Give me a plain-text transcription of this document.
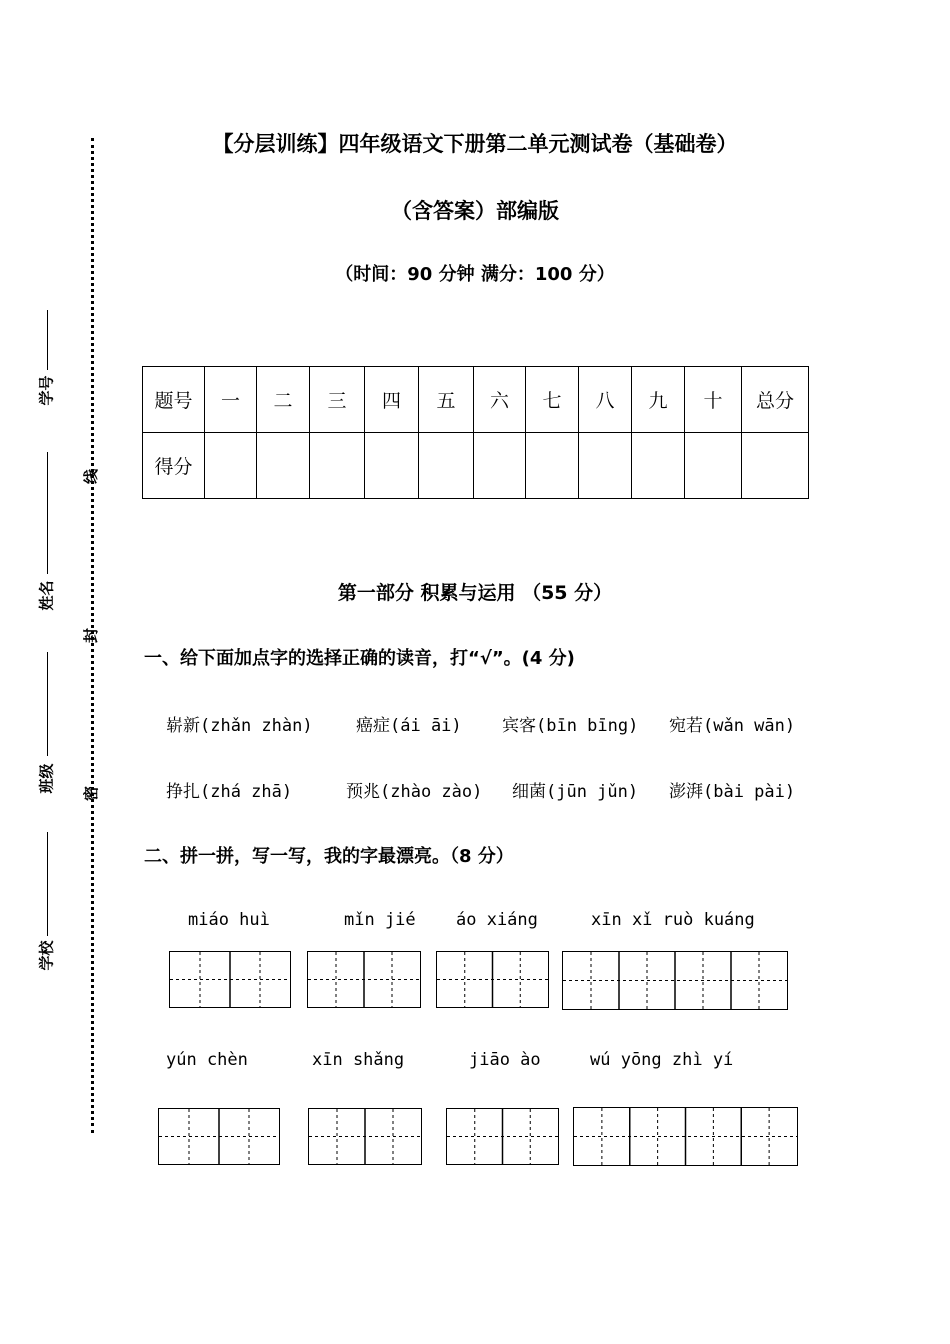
线
封
密
学号
姓名
班级
学校
【分层训练】四年级语文下册第二单元测试卷（基础卷）
（含答案）部编版
（时间：90 分钟 满分：100 分）
题号	一	二	三	四	五	六	七	八	九	十	总分
得分											
第一部分 积累与运用 （55 分）
一、给下面加点字的选择正确的读音，打“√”。(4 分)
崭新(zhǎn zhàn)	癌症(ái āi) 宾客(bīn bīng) 宛若(wǎn wān)
挣扎(zhá zhā)	预兆(zhào zào) 细菌(jūn jǔn) 澎湃(bài pài)
二、拼一拼，写一写，我的字最漂亮。（8 分）
miáo huì	mǐn jié áo xiáng	xīn xǐ ruò kuáng
yún chèn	xīn shǎng	jiāo ào	wú yōng zhì yí
